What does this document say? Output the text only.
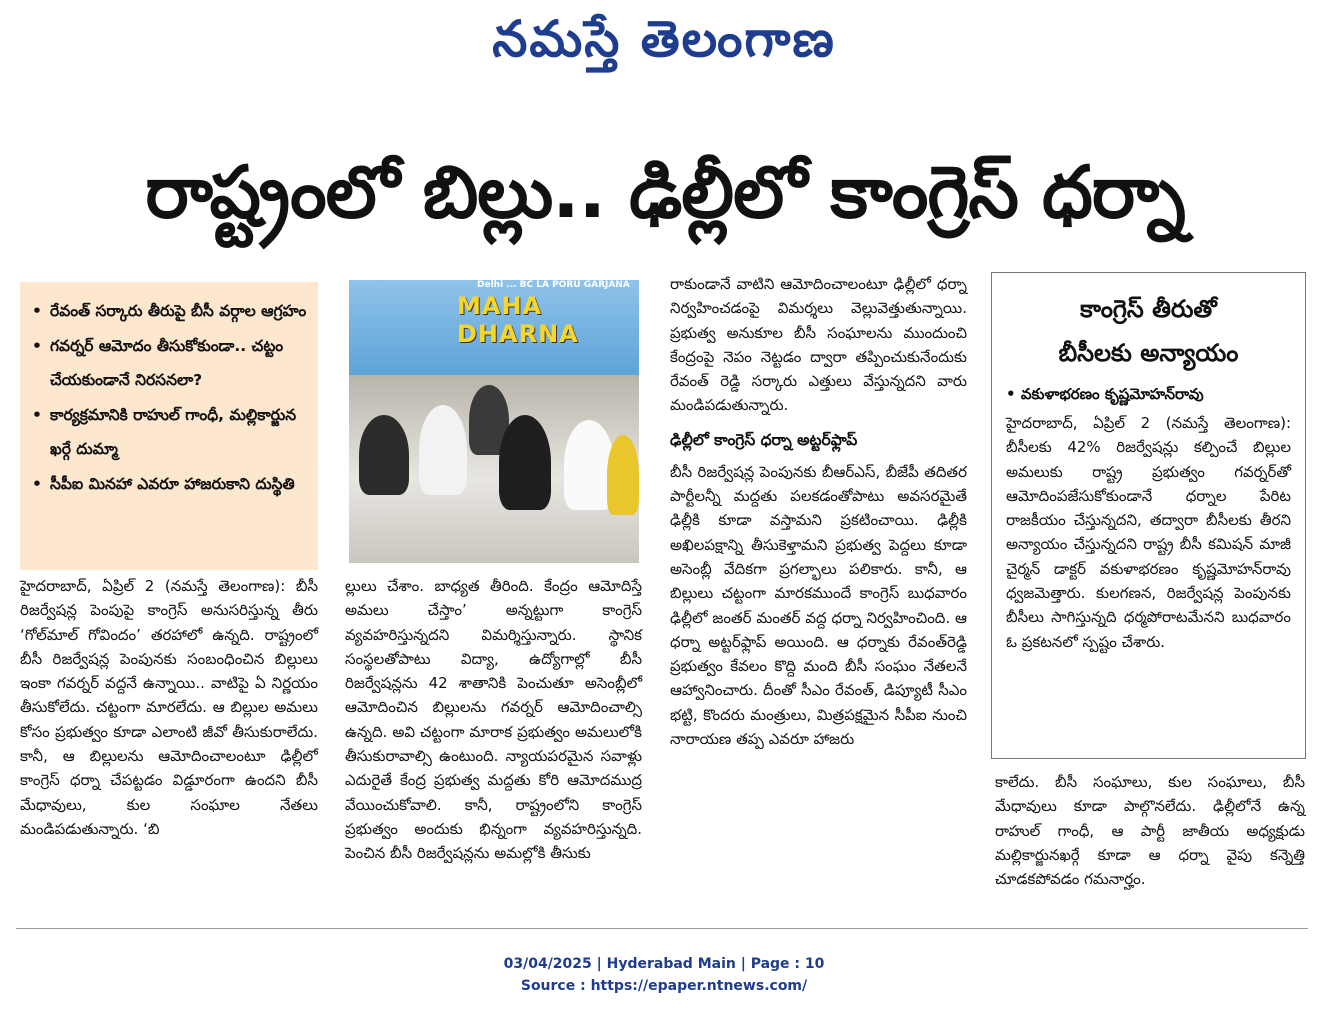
నమస్తే తెలంగాణ
రాష్ట్రంలో బిల్లు.. ఢిల్లీలో కాంగ్రెస్ ధర్నా
• రేవంత్ సర్కారు తీరుపై బీసీ వర్గాల ఆగ్రహం
• గవర్నర్ ఆమోదం తీసుకోకుండా.. చట్టం చేయకుండానే నిరసనలా?
• కార్యక్రమానికి రాహుల్ గాంధీ, మల్లికార్జున ఖర్గే దుమ్మా
• సీపీఐ మినహా ఎవరూ హాజరుకాని దుస్థితి
Delhi ... BC LA PORU GARJANA
MAHA DHARNA

హైదరాబాద్, ఏప్రిల్ 2 (నమస్తే తెలంగాణ): బీసీ రిజర్వేషన్ల పెంపుపై కాంగ్రెస్ అనుసరిస్తున్న తీరు ‘గోల్‌మాల్ గోవిందం’ తరహాలో ఉన్నది. రాష్ట్రంలో బీసీ రిజర్వేషన్ల పెంపునకు సంబంధించిన బిల్లులు ఇంకా గవర్నర్ వద్దనే ఉన్నాయి.. వాటిపై ఏ నిర్ణయం తీసుకోలేదు. చట్టంగా మారలేదు. ఆ బిల్లుల అమలు కోసం ప్రభుత్వం కూడా ఎలాంటి జీవో తీసుకురాలేదు. కానీ, ఆ బిల్లులను ఆమోదించాలంటూ ఢిల్లీలో కాంగ్రెస్ ధర్నా చేపట్టడం విడ్డూరంగా ఉందని బీసీ మేధావులు, కుల సంఘాల నేతలు మండిపడుతున్నారు. ‘బి

ల్లులు చేశాం. బాధ్యత తీరింది. కేంద్రం ఆమోదిస్తే అమలు చేస్తాం’ అన్నట్టుగా కాంగ్రెస్ వ్యవహరిస్తున్నదని విమర్శిస్తున్నారు. స్థానిక సంస్థలతోపాటు విద్యా, ఉద్యోగాల్లో బీసీ రిజర్వేషన్లను 42 శాతానికి పెంచుతూ అసెంబ్లీలో ఆమోదించిన బిల్లులను గవర్నర్ ఆమోదించాల్సి ఉన్నది. అవి చట్టంగా మారాక ప్రభుత్వం అమలులోకి తీసుకురావాల్సి ఉంటుంది. న్యాయపరమైన సవాళ్లు ఎదురైతే కేంద్ర ప్రభుత్వ మద్దతు కోరి ఆమోదముద్ర వేయించుకోవాలి. కానీ, రాష్ట్రంలోని కాంగ్రెస్ ప్రభుత్వం అందుకు భిన్నంగా వ్యవహరిస్తున్నది. పెంచిన బీసీ రిజర్వేషన్లను అమల్లోకి తీసుకు

రాకుండానే వాటిని ఆమోదించాలంటూ ఢిల్లీలో ధర్నా నిర్వహించడంపై విమర్శలు వెల్లువెత్తుతున్నాయి. ప్రభుత్వ అనుకూల బీసీ సంఘాలను ముందుంచి కేంద్రంపై నెపం నెట్టడం ద్వారా తప్పించుకునేందుకు రేవంత్ రెడ్డి సర్కారు ఎత్తులు వేస్తున్నదని వారు మండిపడుతున్నారు.

ఢిల్లీలో కాంగ్రెస్ ధర్నా అట్టర్‌ఫ్లాప్

బీసీ రిజర్వేషన్ల పెంపునకు బీఆర్‌ఎస్, బీజేపీ తదితర పార్టీలన్నీ మద్దతు పలకడంతోపాటు అవసరమైతే ఢిల్లీకి కూడా వస్తామని ప్రకటించాయి. ఢిల్లీకి అఖిలపక్షాన్ని తీసుకెళ్తామని ప్రభుత్వ పెద్దలు కూడా అసెంబ్లీ వేదికగా ప్రగల్భాలు పలికారు. కానీ, ఆ బిల్లులు చట్టంగా మారకముందే కాంగ్రెస్ బుధవారం ఢిల్లీలో జంతర్ మంతర్ వద్ద ధర్నా నిర్వహించింది. ఆ ధర్నా అట్టర్‌ఫ్లాప్ అయింది. ఆ ధర్నాకు రేవంత్‌రెడ్డి ప్రభుత్వం కేవలం కొద్ది మంది బీసీ సంఘం నేతలనే ఆహ్వానించారు. దీంతో సీఎం రేవంత్, డిప్యూటీ సీఎం భట్టి, కొందరు మంత్రులు, మిత్రపక్షమైన సీపీఐ నుంచి నారాయణ తప్ప ఎవరూ హాజరు

కాంగ్రెస్ తీరుతో
బీసీలకు అన్యాయం
• వకుళాభరణం కృష్ణమోహన్‌రావు

హైదరాబాద్, ఏప్రిల్ 2 (నమస్తే తెలంగాణ): బీసీలకు 42% రిజర్వేషన్లు కల్పించే బిల్లుల అమలుకు రాష్ట్ర ప్రభుత్వం గవర్నర్‌తో ఆమోదింపజేసుకోకుండానే ధర్నాల పేరిట రాజకీయం చేస్తున్నదని, తద్వారా బీసీలకు తీరని అన్యాయం చేస్తున్నదని రాష్ట్ర బీసీ కమిషన్ మాజీ చైర్మన్ డాక్టర్ వకుళాభరణం కృష్ణమోహన్‌రావు ధ్వజమెత్తారు. కులగణన, రిజర్వేషన్ల పెంపునకు బీసీలు సాగిస్తున్నది ధర్మపోరాటమేనని బుధవారం ఓ ప్రకటనలో స్పష్టం చేశారు.

కాలేదు. బీసీ సంఘాలు, కుల సంఘాలు, బీసీ మేధావులు కూడా పాల్గొనలేదు. ఢిల్లీలోనే ఉన్న రాహుల్ గాంధీ, ఆ పార్టీ జాతీయ అధ్యక్షుడు మల్లికార్జునఖర్గే కూడా ఆ ధర్నా వైపు కన్నెత్తి చూడకపోవడం గమనార్హం.

03/04/2025 | Hyderabad Main | Page : 10
Source : https://epaper.ntnews.com/
